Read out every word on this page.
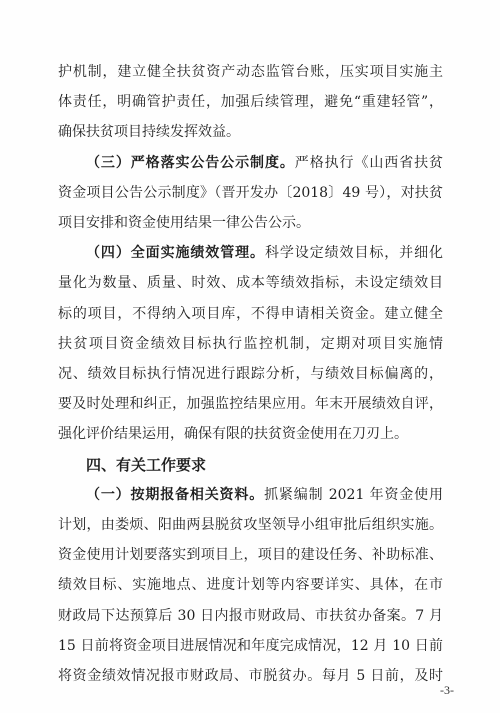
护机制，建立健全扶贫资产动态监管台账，压实项目实施主
体责任，明确管护责任，加强后续管理，避免“重建轻管”，
确保扶贫项目持续发挥效益。
（三）严格落实公告公示制度。严格执行《山西省扶贫
资金项目公告公示制度》（晋开发办〔2018〕49 号），对扶贫
项目安排和资金使用结果一律公告公示。
（四）全面实施绩效管理。科学设定绩效目标，并细化
量化为数量、质量、时效、成本等绩效指标，未设定绩效目
标的项目，不得纳入项目库，不得申请相关资金。建立健全
扶贫项目资金绩效目标执行监控机制，定期对项目实施情
况、绩效目标执行情况进行跟踪分析，与绩效目标偏离的，
要及时处理和纠正，加强监控结果应用。年末开展绩效自评，
强化评价结果运用，确保有限的扶贫资金使用在刀刃上。
四、有关工作要求
（一）按期报备相关资料。抓紧编制 2021 年资金使用
计划，由娄烦、阳曲两县脱贫攻坚领导小组审批后组织实施。
资金使用计划要落实到项目上，项目的建设任务、补助标准、
绩效目标、实施地点、进度计划等内容要详实、具体，在市
财政局下达预算后 30 日内报市财政局、市扶贫办备案。7 月
15 日前将资金项目进展情况和年度完成情况，12 月 10 日前
将资金绩效情况报市财政局、市脱贫办。每月 5 日前，及时
-3-
